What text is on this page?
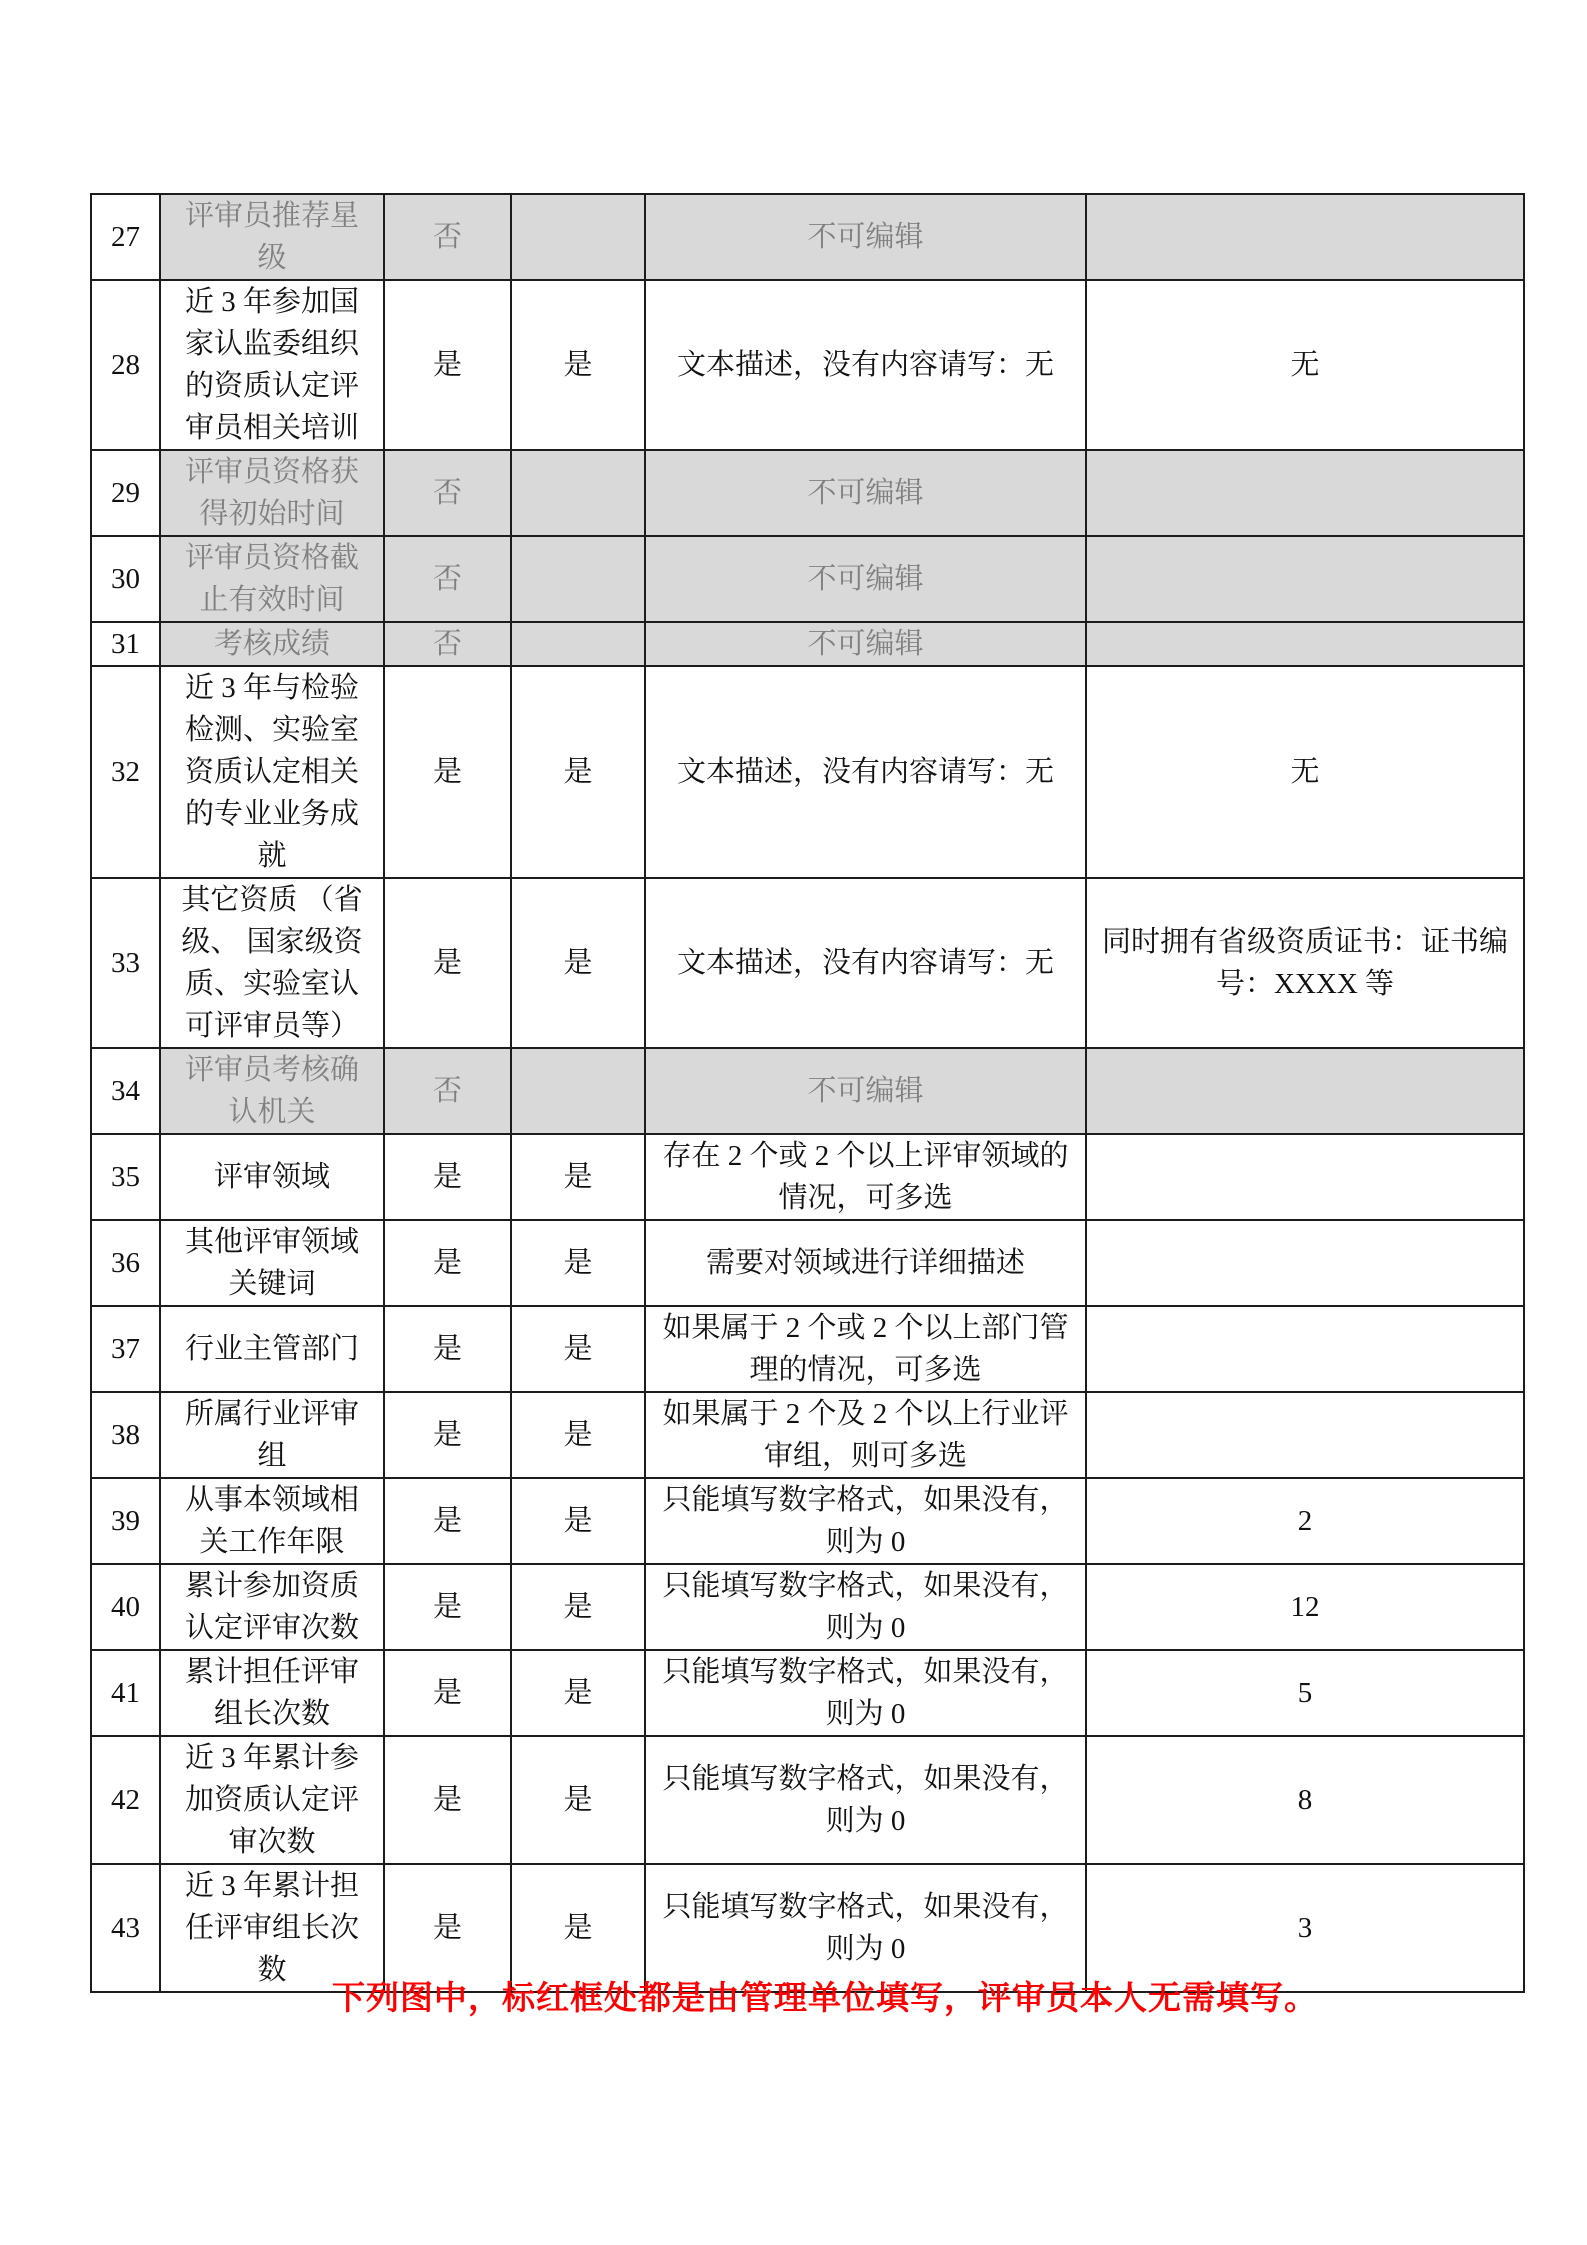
27	评审员推荐星级	否		不可编辑	
28	近 3 年参加国家认监委组织的资质认定评审员相关培训	是	是	文本描述，没有内容请写：无	无
29	评审员资格获得初始时间	否		不可编辑	
30	评审员资格截止有效时间	否		不可编辑	
31	考核成绩	否		不可编辑	
32	近 3 年与检验检测、实验室资质认定相关的专业业务成就	是	是	文本描述，没有内容请写：无	无
33	其它资质 （省级、 国家级资质、实验室认可评审员等）	是	是	文本描述，没有内容请写：无	同时拥有省级资质证书：证书编号：XXXX 等
34	评审员考核确认机关	否		不可编辑	
35	评审领域	是	是	存在 2 个或 2 个以上评审领域的情况，可多选	
36	其他评审领域关键词	是	是	需要对领域进行详细描述	
37	行业主管部门	是	是	如果属于 2 个或 2 个以上部门管理的情况，可多选	
38	所属行业评审组	是	是	如果属于 2 个及 2 个以上行业评审组，则可多选	
39	从事本领域相关工作年限	是	是	只能填写数字格式，如果没有，则为 0	2
40	累计参加资质认定评审次数	是	是	只能填写数字格式，如果没有，则为 0	12
41	累计担任评审组长次数	是	是	只能填写数字格式，如果没有，则为 0	5
42	近 3 年累计参加资质认定评审次数	是	是	只能填写数字格式，如果没有，则为 0	8
43	近 3 年累计担任评审组长次数	是	是	只能填写数字格式，如果没有，则为 0	3
下列图中，标红框处都是由管理单位填写，评审员本人无需填写。
